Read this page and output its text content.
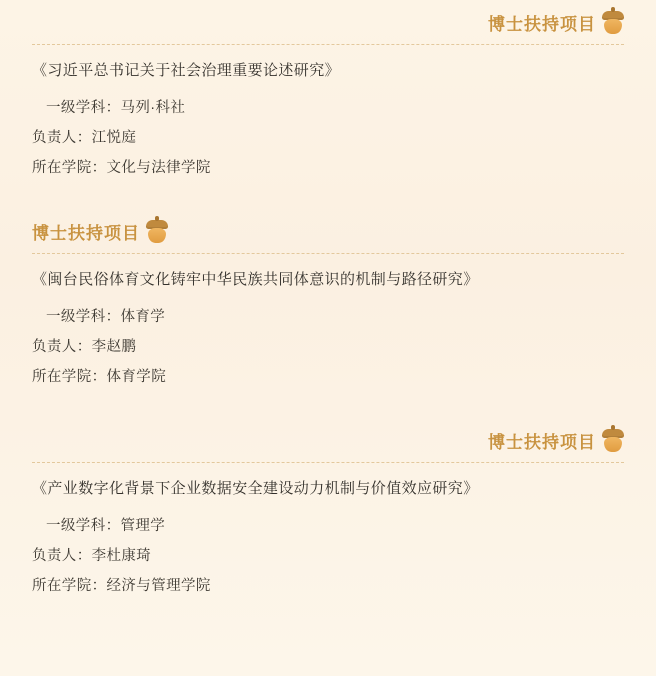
博士扶持项目
《习近平总书记关于社会治理重要论述研究》
一级学科：马列·科社
负责人：江悦庭
所在学院：文化与法律学院
博士扶持项目
《闽台民俗体育文化铸牢中华民族共同体意识的机制与路径研究》
一级学科：体育学
负责人：李赵鹏
所在学院：体育学院
博士扶持项目
《产业数字化背景下企业数据安全建设动力机制与价值效应研究》
一级学科：管理学
负责人：李杜康琦
所在学院：经济与管理学院
